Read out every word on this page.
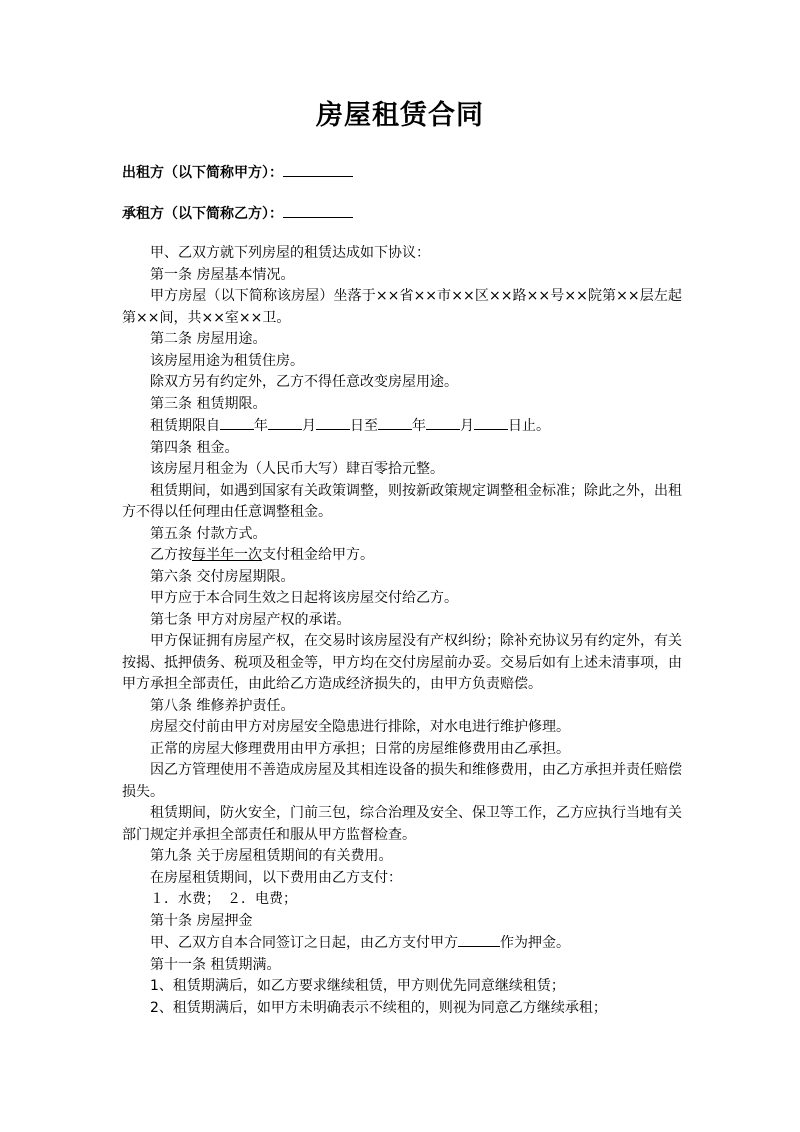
房屋租赁合同
出租方（以下简称甲方）：
承租方（以下简称乙方）：
甲、乙双方就下列房屋的租赁达成如下协议：
第一条 房屋基本情况。
甲方房屋（以下简称该房屋）坐落于××省××市××区××路××号××院第××层左起第××间，共××室××卫。
第二条 房屋用途。
该房屋用途为租赁住房。
除双方另有约定外，乙方不得任意改变房屋用途。
第三条 租赁期限。
租赁期限自 年 月 日至 年 月 日止。
第四条 租金。
该房屋月租金为（人民币大写）肆百零拾元整。
租赁期间，如遇到国家有关政策调整，则按新政策规定调整租金标准；除此之外，出租方不得以任何理由任意调整租金。
第五条 付款方式。
乙方按每半年一次支付租金给甲方。
第六条 交付房屋期限。
甲方应于本合同生效之日起将该房屋交付给乙方。
第七条 甲方对房屋产权的承诺。
甲方保证拥有房屋产权，在交易时该房屋没有产权纠纷；除补充协议另有约定外，有关按揭、抵押债务、税项及租金等，甲方均在交付房屋前办妥。交易后如有上述未清事项，由甲方承担全部责任，由此给乙方造成经济损失的，由甲方负责赔偿。
第八条 维修养护责任。
房屋交付前由甲方对房屋安全隐患进行排除，对水电进行维护修理。
正常的房屋大修理费用由甲方承担；日常的房屋维修费用由乙承担。
因乙方管理使用不善造成房屋及其相连设备的损失和维修费用，由乙方承担并责任赔偿损失。
租赁期间，防火安全，门前三包，综合治理及安全、保卫等工作，乙方应执行当地有关部门规定并承担全部责任和服从甲方监督检查。
第九条 关于房屋租赁期间的有关费用。
在房屋租赁期间，以下费用由乙方支付：
１．水费；　２．电费；
第十条 房屋押金
甲、乙双方自本合同签订之日起，由乙方支付甲方	作为押金。
第十一条 租赁期满。
1、租赁期满后，如乙方要求继续租赁，甲方则优先同意继续租赁；
2、租赁期满后，如甲方未明确表示不续租的，则视为同意乙方继续承租；
